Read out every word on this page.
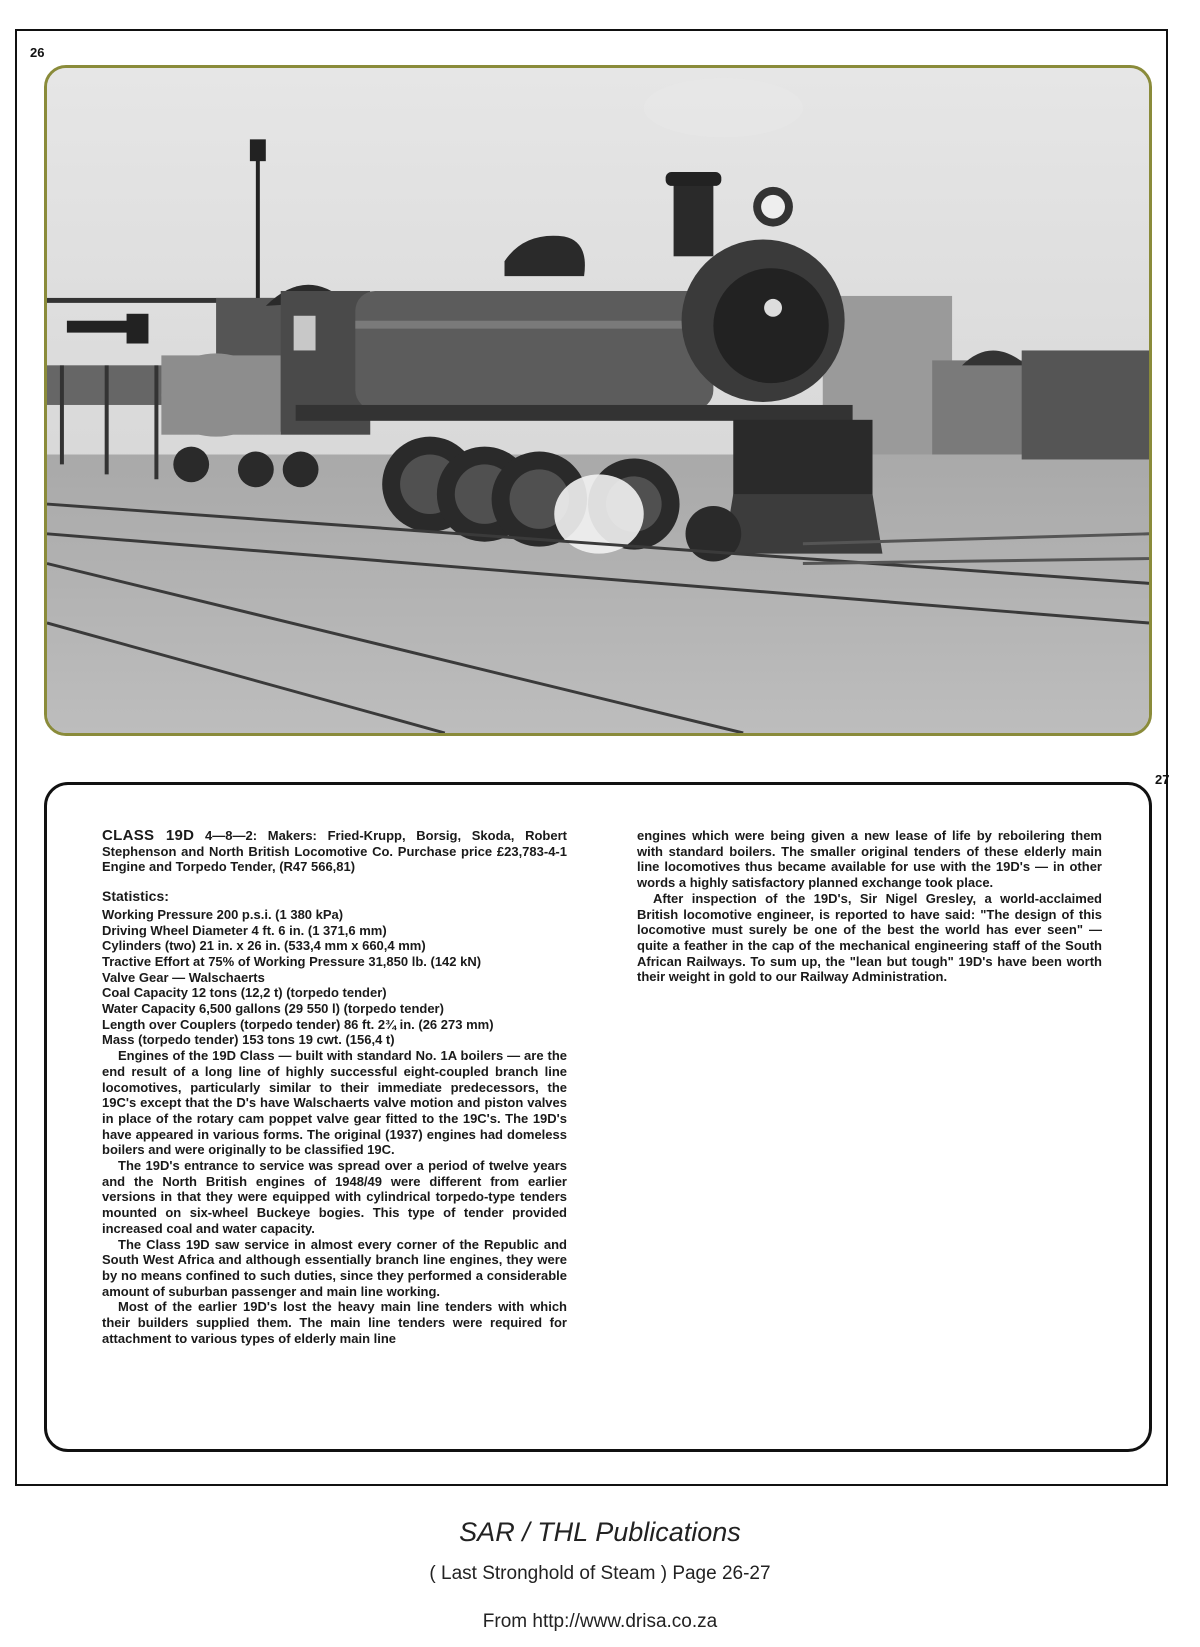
26
27

CLASS 19D 4—8—2: Makers: Fried-Krupp, Borsig, Skoda, Robert Stephenson and North British Locomotive Co. Purchase price £23,783-4-1 Engine and Torpedo Tender, (R47 566,81)

Statistics:

Working Pressure 200 p.s.i. (1 380 kPa)

Driving Wheel Diameter 4 ft. 6 in. (1 371,6 mm)

Cylinders (two) 21 in. x 26 in. (533,4 mm x 660,4 mm)

Tractive Effort at 75% of Working Pressure 31,850 lb. (142 kN)

Valve Gear — Walschaerts

Coal Capacity 12 tons (12,2 t) (torpedo tender)

Water Capacity 6,500 gallons (29 550 l) (torpedo tender)

Length over Couplers (torpedo tender) 86 ft. 2¾ in. (26 273 mm)

Mass (torpedo tender) 153 tons 19 cwt. (156,4 t)

Engines of the 19D Class — built with standard No. 1A boilers — are the end result of a long line of highly successful eight-coupled branch line locomotives, particularly similar to their immediate predecessors, the 19C's except that the D's have Walschaerts valve motion and piston valves in place of the rotary cam poppet valve gear fitted to the 19C's. The 19D's have appeared in various forms. The original (1937) engines had domeless boilers and were originally to be classified 19C.

The 19D's entrance to service was spread over a period of twelve years and the North British engines of 1948/49 were different from earlier versions in that they were equipped with cylindrical torpedo-type tenders mounted on six-wheel Buckeye bogies. This type of tender provided increased coal and water capacity.

The Class 19D saw service in almost every corner of the Republic and South West Africa and although essentially branch line engines, they were by no means confined to such duties, since they performed a considerable amount of suburban passenger and main line working.

Most of the earlier 19D's lost the heavy main line tenders with which their builders supplied them. The main line tenders were required for attachment to various types of elderly main line

engines which were being given a new lease of life by reboilering them with standard boilers. The smaller original tenders of these elderly main line locomotives thus became available for use with the 19D's — in other words a highly satisfactory planned exchange took place.

After inspection of the 19D's, Sir Nigel Gresley, a world-acclaimed British locomotive engineer, is reported to have said: "The design of this locomotive must surely be one of the best the world has ever seen" — quite a feather in the cap of the mechanical engineering staff of the South African Railways. To sum up, the "lean but tough" 19D's have been worth their weight in gold to our Railway Administration.

SAR / THL Publications
( Last Stronghold of Steam ) Page 26-27
From http://www.drisa.co.za
